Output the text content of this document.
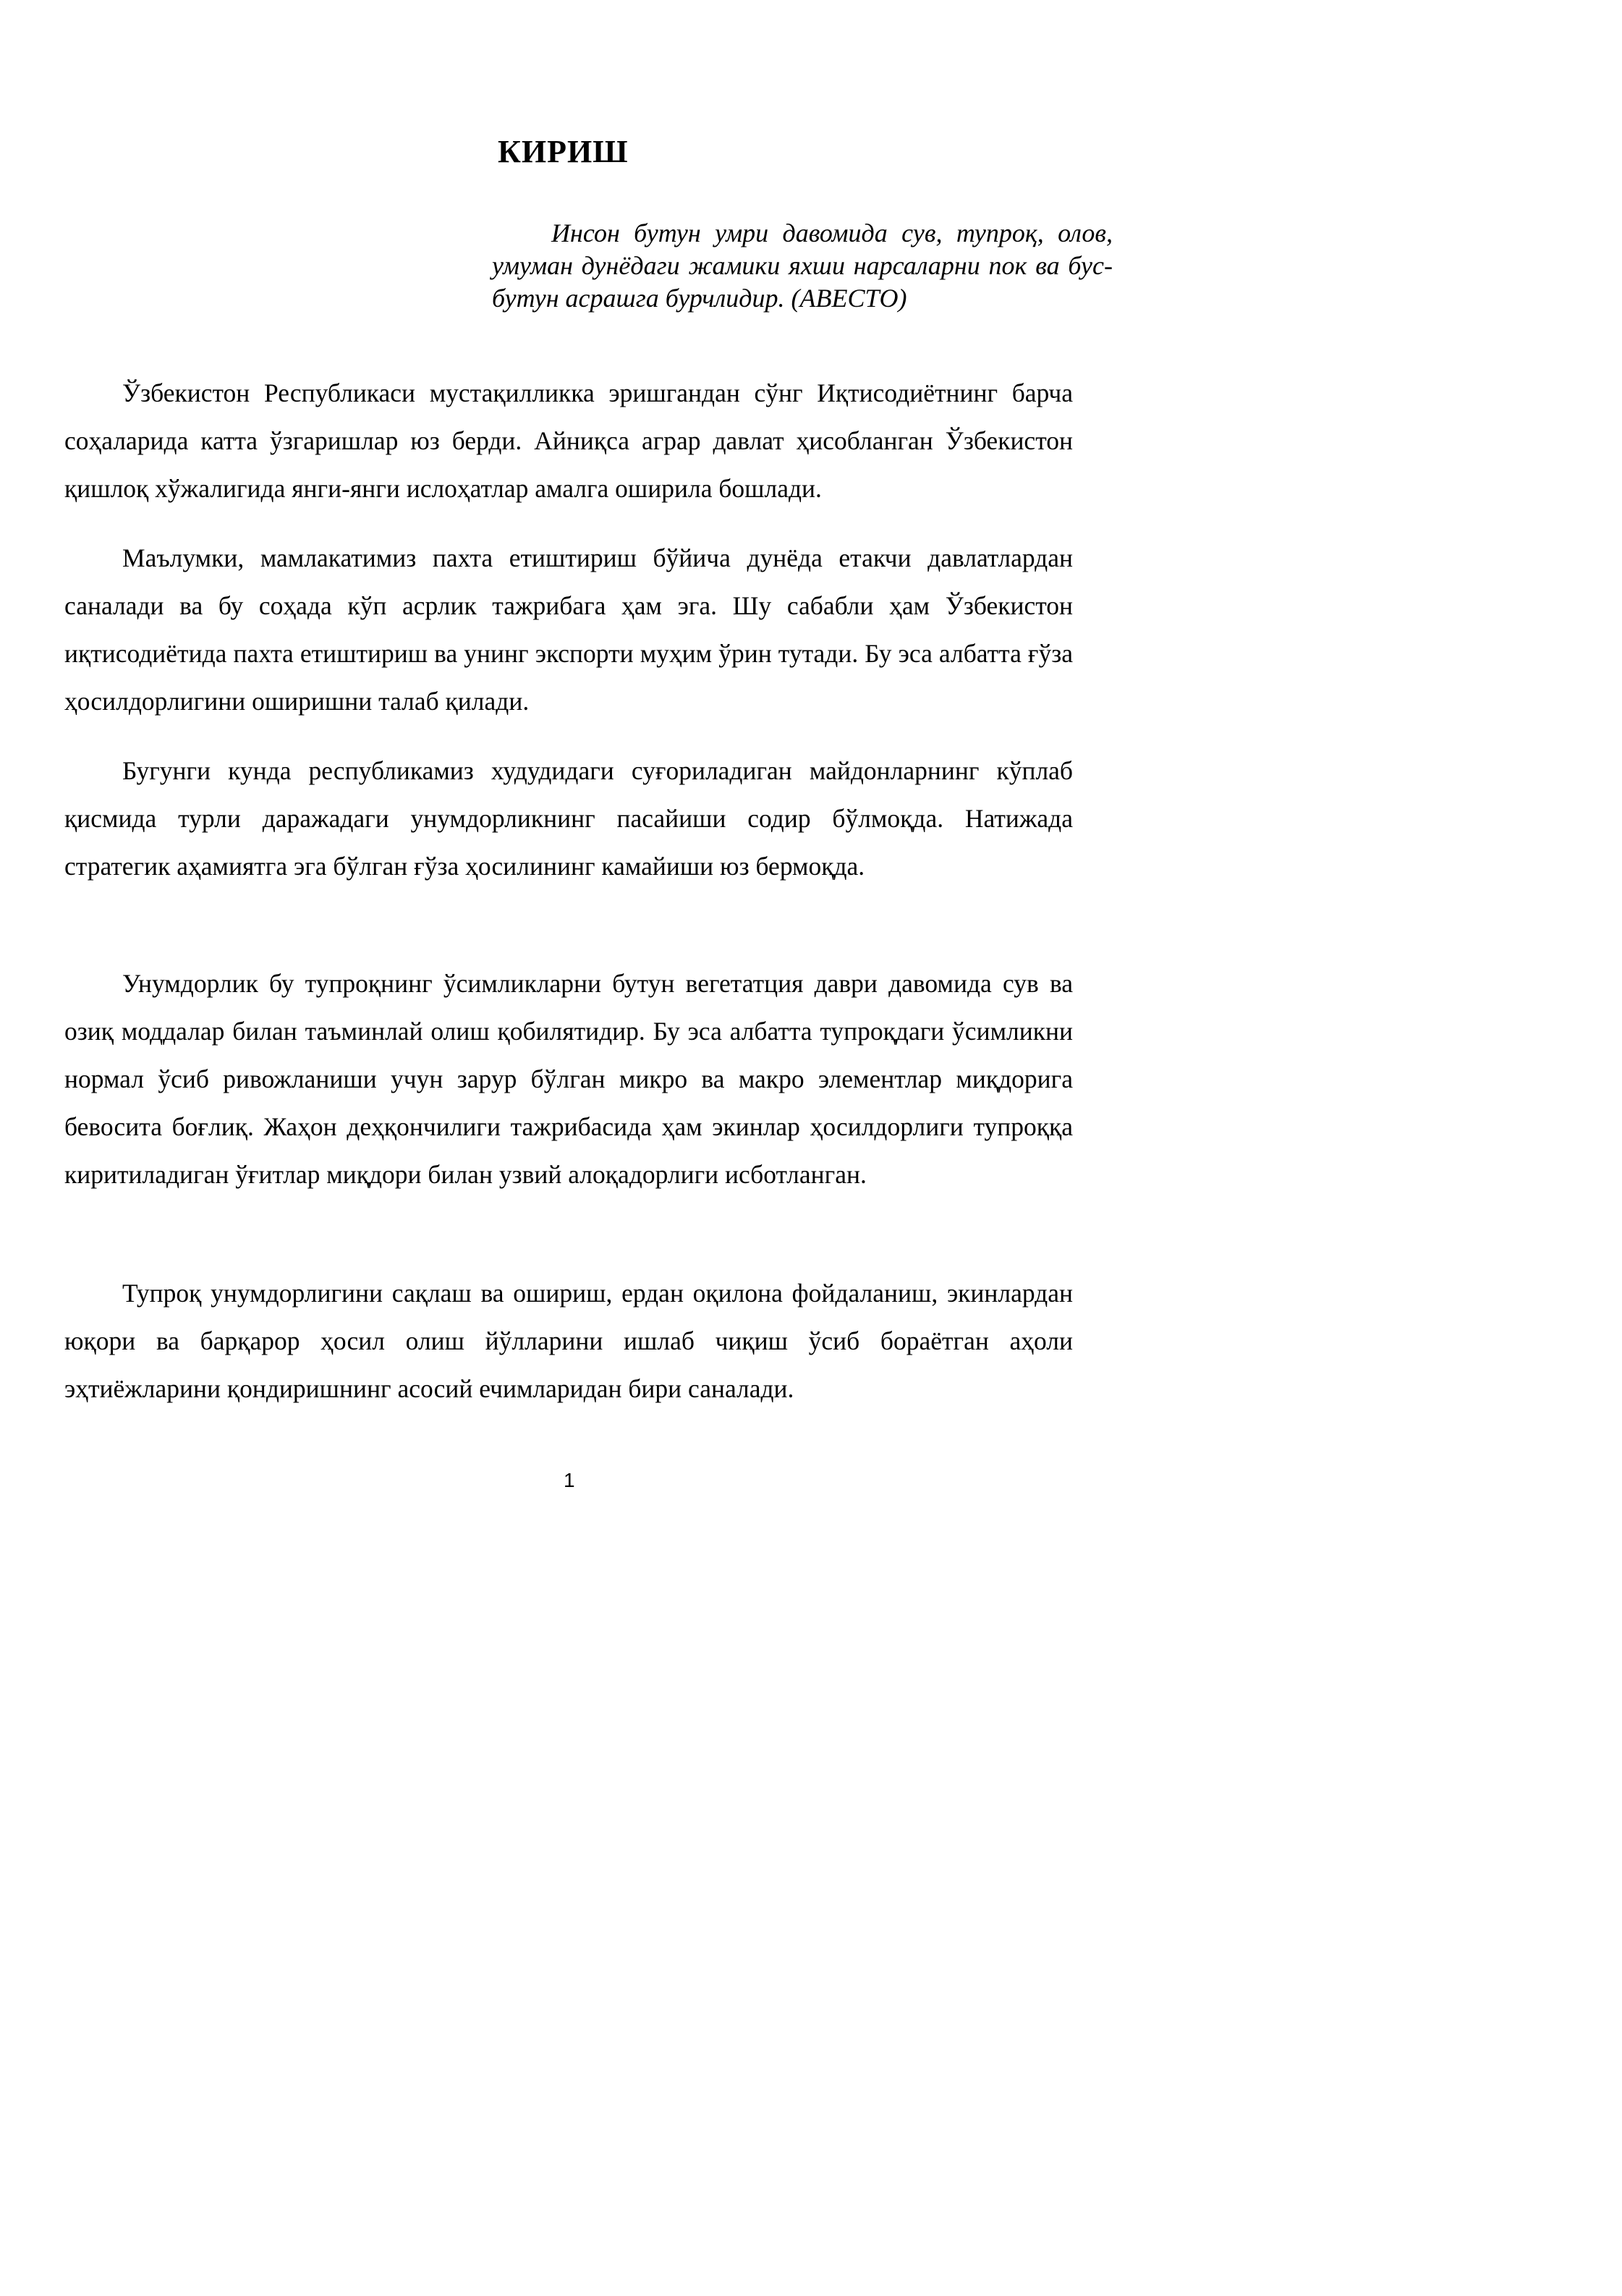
КИРИШ
Инсон бутун умри давомида сув, тупроқ, олов, умуман дунёдаги жамики яхши нарсаларни пок ва бус-бутун асрашга бурчлидир. (АВЕСТО)

Ўзбекистон Республикаси мустақилликка эришгандан сўнг Иқтисодиётнинг барча соҳаларида катта ўзгаришлар юз берди. Айниқса аграр давлат ҳисобланган Ўзбекистон қишлоқ хўжалигида янги-янги ислоҳатлар амалга оширила бошлади.

Маълумки, мамлакатимиз пахта етиштириш бўйича дунёда етакчи давлатлардан саналади ва бу соҳада кўп асрлик тажрибага ҳам эга. Шу сабабли ҳам Ўзбекистон иқтисодиётида пахта етиштириш ва унинг экспорти муҳим ўрин тутади. Бу эса албатта ғўза ҳосилдорлигини оширишни талаб қилади.

Бугунги кунда республикамиз худудидаги суғориладиган майдонларнинг кўплаб қисмида турли даражадаги унумдорликнинг пасайиши содир бўлмоқда. Натижада стратегик аҳамиятга эга бўлган ғўза ҳосилининг камайиши юз бермоқда.

Унумдорлик бу тупроқнинг ўсимликларни бутун вегетатция даври давомида сув ва озиқ моддалар билан таъминлай олиш қобилятидир. Бу эса албатта тупроқдаги ўсимликни нормал ўсиб ривожланиши учун зарур бўлган микро ва макро элементлар миқдорига бевосита боғлиқ. Жаҳон деҳқончилиги тажрибасида ҳам экинлар ҳосилдорлиги тупроққа киритиладиган ўғитлар миқдори билан узвий алоқадорлиги исботланган.

Тупроқ унумдорлигини сақлаш ва ошириш, ердан оқилона фойдаланиш, экинлардан юқори ва барқарор ҳосил олиш йўлларини ишлаб чиқиш ўсиб бораётган аҳоли эҳтиёжларини қондиришнинг асосий ечимларидан бири саналади.

1
